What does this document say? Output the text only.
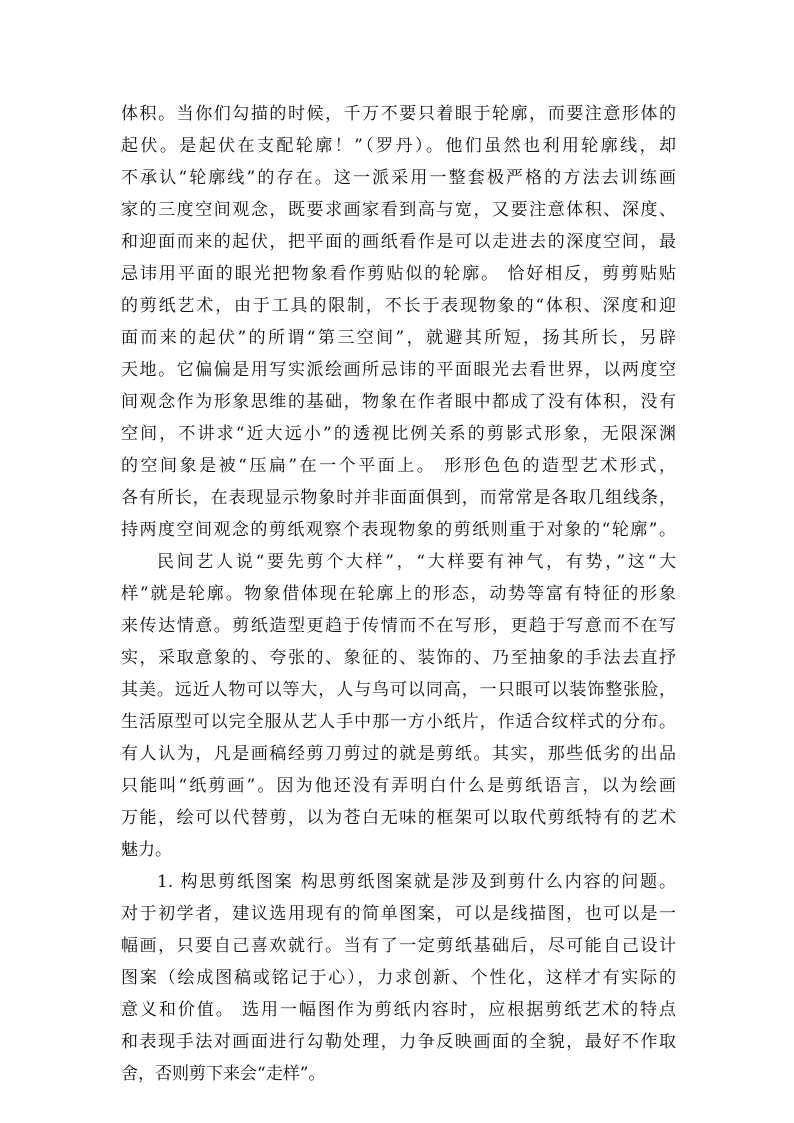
体积。当你们勾描的时候，千万不要只着眼于轮廓，而要注意形体的
起伏。是起伏在支配轮廓！”（罗丹）。他们虽然也利用轮廓线，却
不承认“轮廓线”的存在。这一派采用一整套极严格的方法去训练画
家的三度空间观念，既要求画家看到高与宽，又要注意体积、深度、
和迎面而来的起伏，把平面的画纸看作是可以走进去的深度空间，最
忌讳用平面的眼光把物象看作剪贴似的轮廓。 恰好相反，剪剪贴贴
的剪纸艺术，由于工具的限制，不长于表现物象的“体积、深度和迎
面而来的起伏”的所谓“第三空间”，就避其所短，扬其所长，另辟
天地。它偏偏是用写实派绘画所忌讳的平面眼光去看世界，以两度空
间观念作为形象思维的基础，物象在作者眼中都成了没有体积，没有
空间，不讲求“近大远小”的透视比例关系的剪影式形象，无限深渊
的空间象是被“压扁”在一个平面上。 形形色色的造型艺术形式，
各有所长，在表现显示物象时并非面面俱到，而常常是各取几组线条，
持两度空间观念的剪纸观察个表现物象的剪纸则重于对象的“轮廓”。
民间艺人说“要先剪个大样”，“大样要有神气，有势，”这“大
样”就是轮廓。物象借体现在轮廓上的形态，动势等富有特征的形象
来传达情意。剪纸造型更趋于传情而不在写形，更趋于写意而不在写
实，采取意象的、夸张的、象征的、装饰的、乃至抽象的手法去直抒
其美。远近人物可以等大，人与鸟可以同高，一只眼可以装饰整张脸，
生活原型可以完全服从艺人手中那一方小纸片，作适合纹样式的分布。
有人认为，凡是画稿经剪刀剪过的就是剪纸。其实，那些低劣的出品
只能叫“纸剪画”。因为他还没有弄明白什么是剪纸语言，以为绘画
万能，绘可以代替剪，以为苍白无味的框架可以取代剪纸特有的艺术
魅力。
1. 构思剪纸图案 构思剪纸图案就是涉及到剪什么内容的问题。
对于初学者，建议选用现有的简单图案，可以是线描图，也可以是一
幅画，只要自己喜欢就行。当有了一定剪纸基础后，尽可能自己设计
图案（绘成图稿或铭记于心），力求创新、个性化，这样才有实际的
意义和价值。 选用一幅图作为剪纸内容时，应根据剪纸艺术的特点
和表现手法对画面进行勾勒处理，力争反映画面的全貌，最好不作取
舍，否则剪下来会“走样”。
